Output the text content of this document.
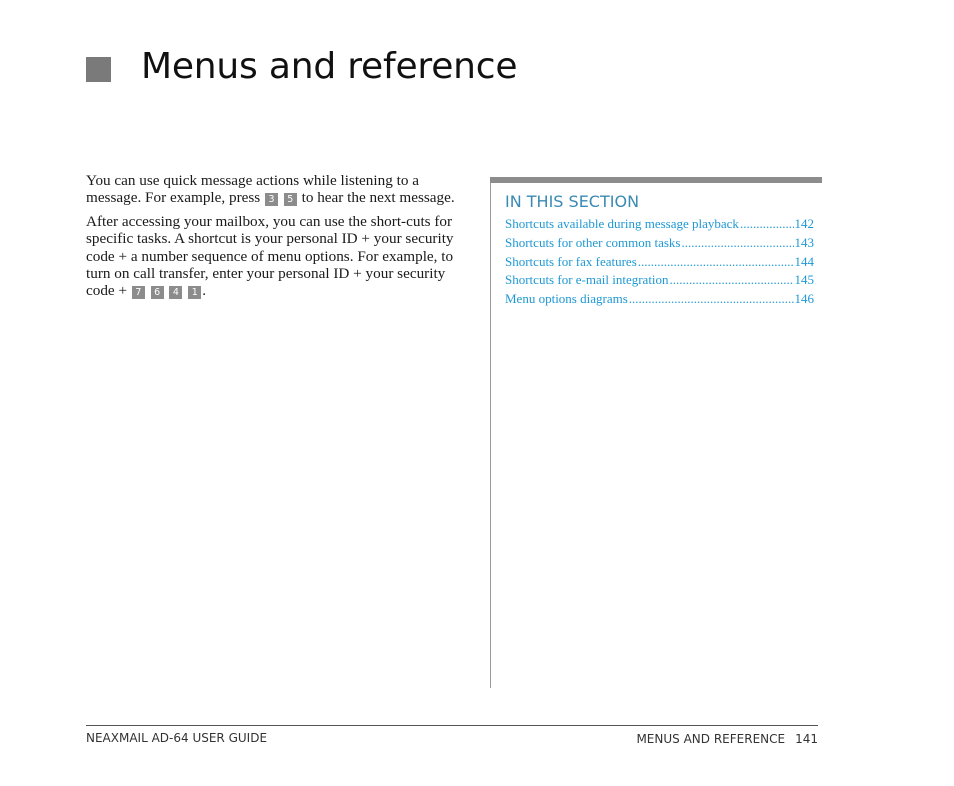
Menus and reference

You can use quick message actions while listening to a message. For example, press 3 5 to hear the next message.

After accessing your mailbox, you can use the short-cuts for specific tasks. A shortcut is your personal ID + your security code + a number sequence of menu options. For example, to turn on call transfer, enter your personal ID + your security code + 7 6 4 1 .

IN THIS SECTION
Shortcuts available during message playback .....	142
Shortcuts for other common tasks .....	143
Shortcuts for fax features .....	144
Shortcuts for e-mail integration .....	145
Menu options diagrams .....	146
NEAXMAIL AD-64 USER GUIDE	MENUS AND REFERENCE 141
